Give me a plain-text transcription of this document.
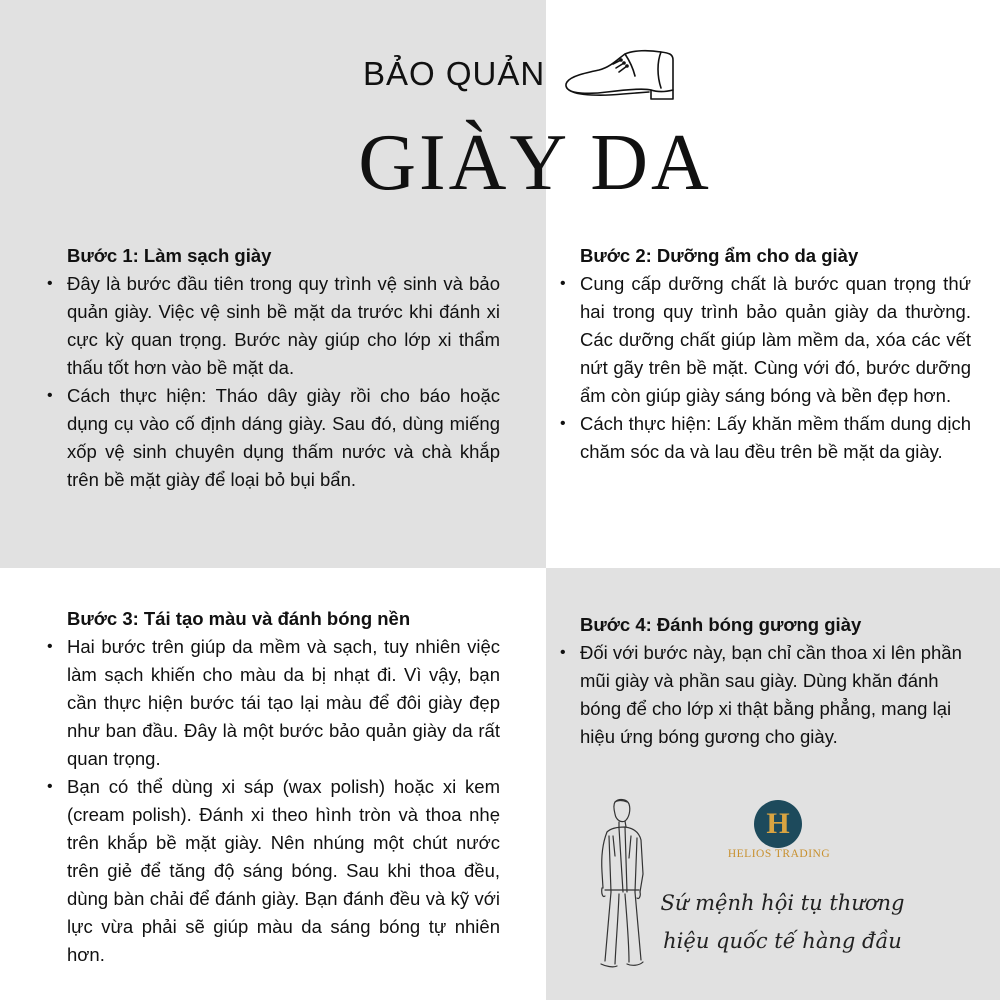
BẢO QUẢN
GIÀY DA
Bước 1: Làm sạch giày
• Đây là bước đầu tiên trong quy trình vệ sinh và bảo quản giày. Việc vệ sinh bề mặt da trước khi đánh xi cực kỳ quan trọng. Bước này giúp cho lớp xi thẩm thấu tốt hơn vào bề mặt da.
• Cách thực hiện: Tháo dây giày rồi cho báo hoặc dụng cụ vào cố định dáng giày. Sau đó, dùng miếng xốp vệ sinh chuyên dụng thấm nước và chà khắp trên bề mặt giày để loại bỏ bụi bẩn.
Bước 2: Dưỡng ẩm cho da giày
• Cung cấp dưỡng chất là bước quan trọng thứ hai trong quy trình bảo quản giày da thường. Các dưỡng chất giúp làm mềm da, xóa các vết nứt gãy trên bề mặt. Cùng với đó, bước dưỡng ẩm còn giúp giày sáng bóng và bền đẹp hơn.
• Cách thực hiện: Lấy khăn mềm thấm dung dịch chăm sóc da và lau đều trên bề mặt da giày.
Bước 3: Tái tạo màu và đánh bóng nền
• Hai bước trên giúp da mềm và sạch, tuy nhiên việc làm sạch khiến cho màu da bị nhạt đi. Vì vậy, bạn cần thực hiện bước tái tạo lại màu để đôi giày đẹp như ban đầu. Đây là một bước bảo quản giày da rất quan trọng.
• Bạn có thể dùng xi sáp (wax polish) hoặc xi kem (cream polish). Đánh xi theo hình tròn và thoa nhẹ trên khắp bề mặt giày. Nên nhúng một chút nước trên giẻ để tăng độ sáng bóng. Sau khi thoa đều, dùng bàn chải để đánh giày. Bạn đánh đều và kỹ với lực vừa phải sẽ giúp màu da sáng bóng tự nhiên hơn.
Bước 4: Đánh bóng gương giày
• Đối với bước này, bạn chỉ cần thoa xi lên phần mũi giày và phần sau giày. Dùng khăn đánh bóng để cho lớp xi thật bằng phẳng, mang lại hiệu ứng bóng gương cho giày.
H
HELIOS TRADING
Sứ mệnh hội tụ thương
hiệu quốc tế hàng đầu
